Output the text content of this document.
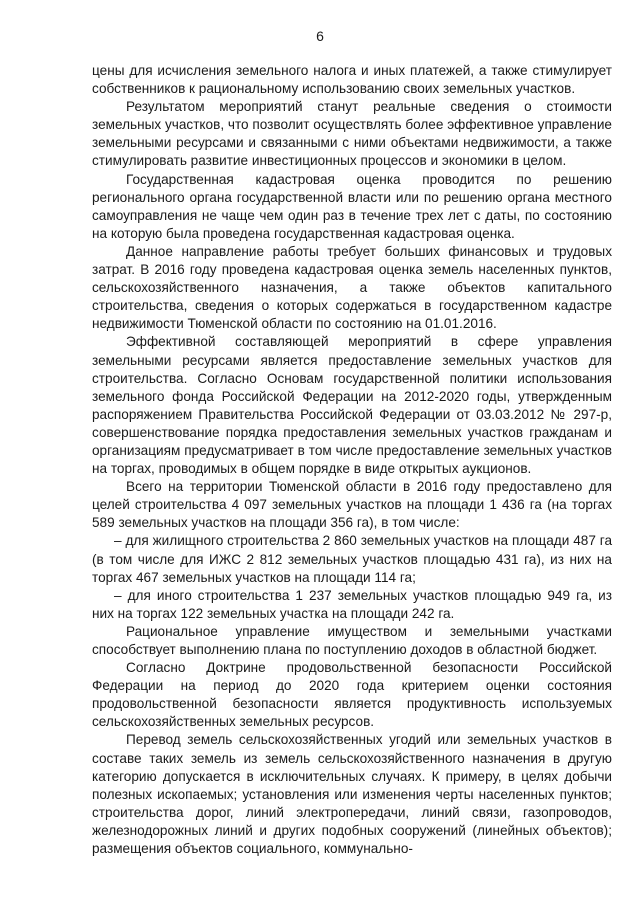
6

цены для исчисления земельного налога и иных платежей, а также стимулирует собственников к рациональному использованию своих земельных участков.

Результатом мероприятий станут реальные сведения о стоимости земельных участков, что позволит осуществлять более эффективное управление земельными ресурсами и связанными с ними объектами недвижимости, а также стимулировать развитие инвестиционных процессов и экономики в целом.

Государственная кадастровая оценка проводится по решению регионального органа государственной власти или по решению органа местного самоуправления не чаще чем один раз в течение трех лет с даты, по состоянию на которую была проведена государственная кадастровая оценка.

Данное направление работы требует больших финансовых и трудовых затрат. В 2016 году проведена кадастровая оценка земель населенных пунктов, сельскохозяйственного назначения, а также объектов капитального строительства, сведения о которых содержаться в государственном кадастре недвижимости Тюменской области по состоянию на 01.01.2016.

Эффективной составляющей мероприятий в сфере управления земельными ресурсами является предоставление земельных участков для строительства. Согласно Основам государственной политики использования земельного фонда Российской Федерации на 2012-2020 годы, утвержденным распоряжением Правительства Российской Федерации от 03.03.2012 № 297-р, совершенствование порядка предоставления земельных участков гражданам и организациям предусматривает в том числе предоставление земельных участков на торгах, проводимых в общем порядке в виде открытых аукционов.

Всего на территории Тюменской области в 2016 году предоставлено для целей строительства 4 097 земельных участков на площади 1 436 га (на торгах 589 земельных участков на площади 356 га), в том числе:

– для жилищного строительства 2 860 земельных участков на площади 487 га (в том числе для ИЖС 2 812 земельных участков площадью 431 га), из них на торгах 467 земельных участков на площади 114 га;

– для иного строительства 1 237 земельных участков площадью 949 га, из них на торгах 122 земельных участка на площади 242 га.

Рациональное управление имуществом и земельными участками способствует выполнению плана по поступлению доходов в областной бюджет.

Согласно Доктрине продовольственной безопасности Российской Федерации на период до 2020 года критерием оценки состояния продовольственной безопасности является продуктивность используемых сельскохозяйственных земельных ресурсов.

Перевод земель сельскохозяйственных угодий или земельных участков в составе таких земель из земель сельскохозяйственного назначения в другую категорию допускается в исключительных случаях. К примеру, в целях добычи полезных ископаемых; установления или изменения черты населенных пунктов; строительства дорог, линий электропередачи, линий связи, газопроводов, железнодорожных линий и других подобных сооружений (линейных объектов); размещения объектов социального, коммунально-
